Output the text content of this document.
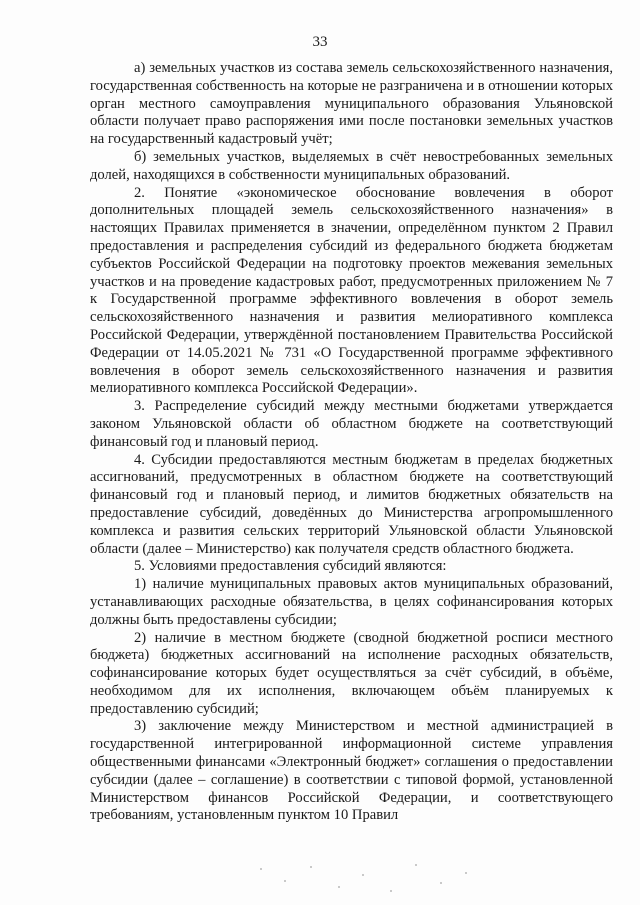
33

а) земельных участков из состава земель сельскохозяйственного назначения, государственная собственность на которые не разграничена и в отношении которых орган местного самоуправления муниципального образования Ульяновской области получает право распоряжения ими после постановки земельных участков на государственный кадастровый учёт;

б) земельных участков, выделяемых в счёт невостребованных земельных долей, находящихся в собственности муниципальных образований.

2. Понятие «экономическое обоснование вовлечения в оборот дополнительных площадей земель сельскохозяйственного назначения» в настоящих Правилах применяется в значении, определённом пунктом 2 Правил предоставления и распределения субсидий из федерального бюджета бюджетам субъектов Российской Федерации на подготовку проектов межевания земельных участков и на проведение кадастровых работ, предусмотренных приложением № 7 к Государственной программе эффективного вовлечения в оборот земель сельскохозяйственного назначения и развития мелиоративного комплекса Российской Федерации, утверждённой постановлением Правительства Российской Федерации от 14.05.2021 № 731 «О Государственной программе эффективного вовлечения в оборот земель сельскохозяйственного назначения и развития мелиоративного комплекса Российской Федерации».

3. Распределение субсидий между местными бюджетами утверждается законом Ульяновской области об областном бюджете на соответствующий финансовый год и плановый период.

4. Субсидии предоставляются местным бюджетам в пределах бюджетных ассигнований, предусмотренных в областном бюджете на соответствующий финансовый год и плановый период, и лимитов бюджетных обязательств на предоставление субсидий, доведённых до Министерства агропромышленного комплекса и развития сельских территорий Ульяновской области Ульяновской области (далее – Министерство) как получателя средств областного бюджета.

5. Условиями предоставления субсидий являются:

1) наличие муниципальных правовых актов муниципальных образований, устанавливающих расходные обязательства, в целях софинансирования которых должны быть предоставлены субсидии;

2) наличие в местном бюджете (сводной бюджетной росписи местного бюджета) бюджетных ассигнований на исполнение расходных обязательств, софинансирование которых будет осуществляться за счёт субсидий, в объёме, необходимом для их исполнения, включающем объём планируемых к предоставлению субсидий;

3) заключение между Министерством и местной администрацией в государственной интегрированной информационной системе управления общественными финансами «Электронный бюджет» соглашения о предоставлении субсидии (далее – соглашение) в соответствии с типовой формой, установленной Министерством финансов Российской Федерации, и соответствующего требованиям, установленным пунктом 10 Правил
